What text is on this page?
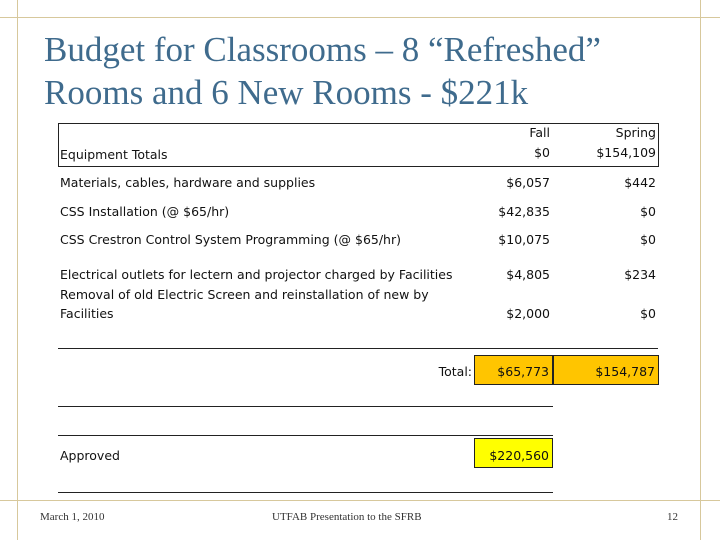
Budget for Classrooms – 8 “Refreshed”
Rooms and 6 New Rooms - $221k
Fall	Spring
Equipment Totals	$0	$154,109
Materials, cables, hardware and supplies	$6,057	$442
CSS Installation (@ $65/hr)	$42,835	$0
CSS Crestron Control System Programming (@ $65/hr)	$10,075	$0
Electrical outlets for lectern and projector charged by Facilities	$4,805	$234
Removal of old Electric Screen and reinstallation of new by
Facilities	$2,000	$0
Total:	$65,773	$154,787
Approved	$220,560
March 1, 2010	UTFAB Presentation to the SFRB	12
